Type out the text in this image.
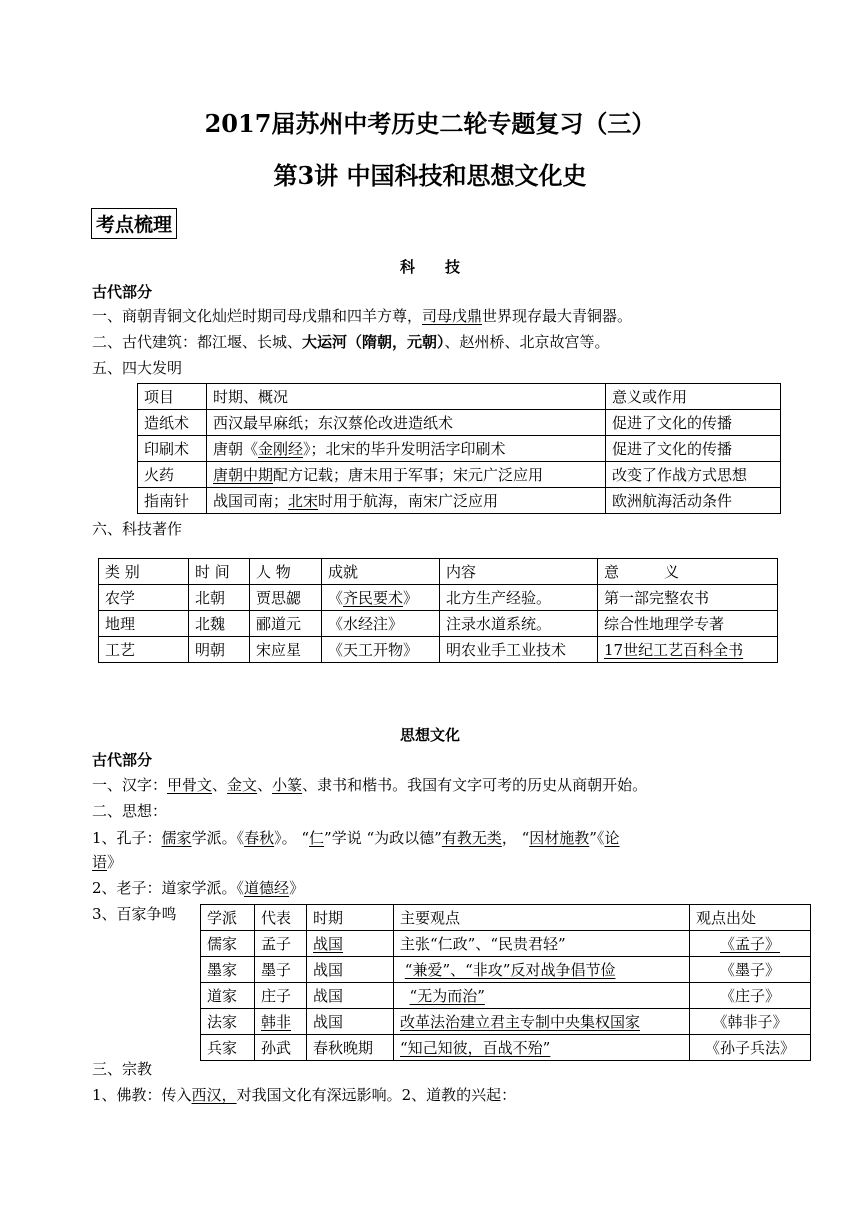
2017届苏州中考历史二轮专题复习（三）
第3讲 中国科技和思想文化史
考点梳理
科　　技
古代部分
一、商朝青铜文化灿烂时期司母戊鼎和四羊方尊，司母戊鼎世界现存最大青铜器。
二、古代建筑：都江堰、长城、大运河（隋朝，元朝）、赵州桥、北京故宫等。
五、四大发明
项目	时期、概况	意义或作用
造纸术	西汉最早麻纸；东汉蔡伦改进造纸术	促进了文化的传播
印刷术	唐朝《金刚经》；北宋的毕升发明活字印刷术	促进了文化的传播
火药	唐朝中期配方记载；唐末用于军事；宋元广泛应用	改变了作战方式思想
指南针	战国司南；北宋时用于航海，南宋广泛应用	欧洲航海活动条件
六、科技著作
类 别	时 间	人 物	成就	内容	意　　　义
农学	北朝	贾思勰	《齐民要术》	北方生产经验。	第一部完整农书
地理	北魏	郦道元	《水经注》	注录水道系统。	综合性地理学专著
工艺	明朝	宋应星	《天工开物》	明农业手工业技术	17世纪工艺百科全书
思想文化
古代部分
一、汉字：甲骨文、金文、小篆、隶书和楷书。我国有文字可考的历史从商朝开始。
二、思想：
1、孔子：儒家学派。《春秋》。 “仁”学说 “为政以德”有教无类， “因材施教”《论
语》
2、老子：道家学派。《道德经》
3、百家争鸣 学派	代表	时期	主要观点	观点出处
儒家	孟子	战国	主张“仁政”、“民贵君轻”	《孟子》
墨家	墨子	战国	“兼爱”、“非攻”反对战争倡节俭	《墨子》
道家	庄子	战国	“无为而治”	《庄子》
法家	韩非	战国	改革法治建立君主专制中央集权国家	《韩非子》
兵家	孙武	春秋晚期	“知己知彼，百战不殆”	《孙子兵法》
三、宗教
1、佛教：传入西汉，对我国文化有深远影响。2、道教的兴起：
